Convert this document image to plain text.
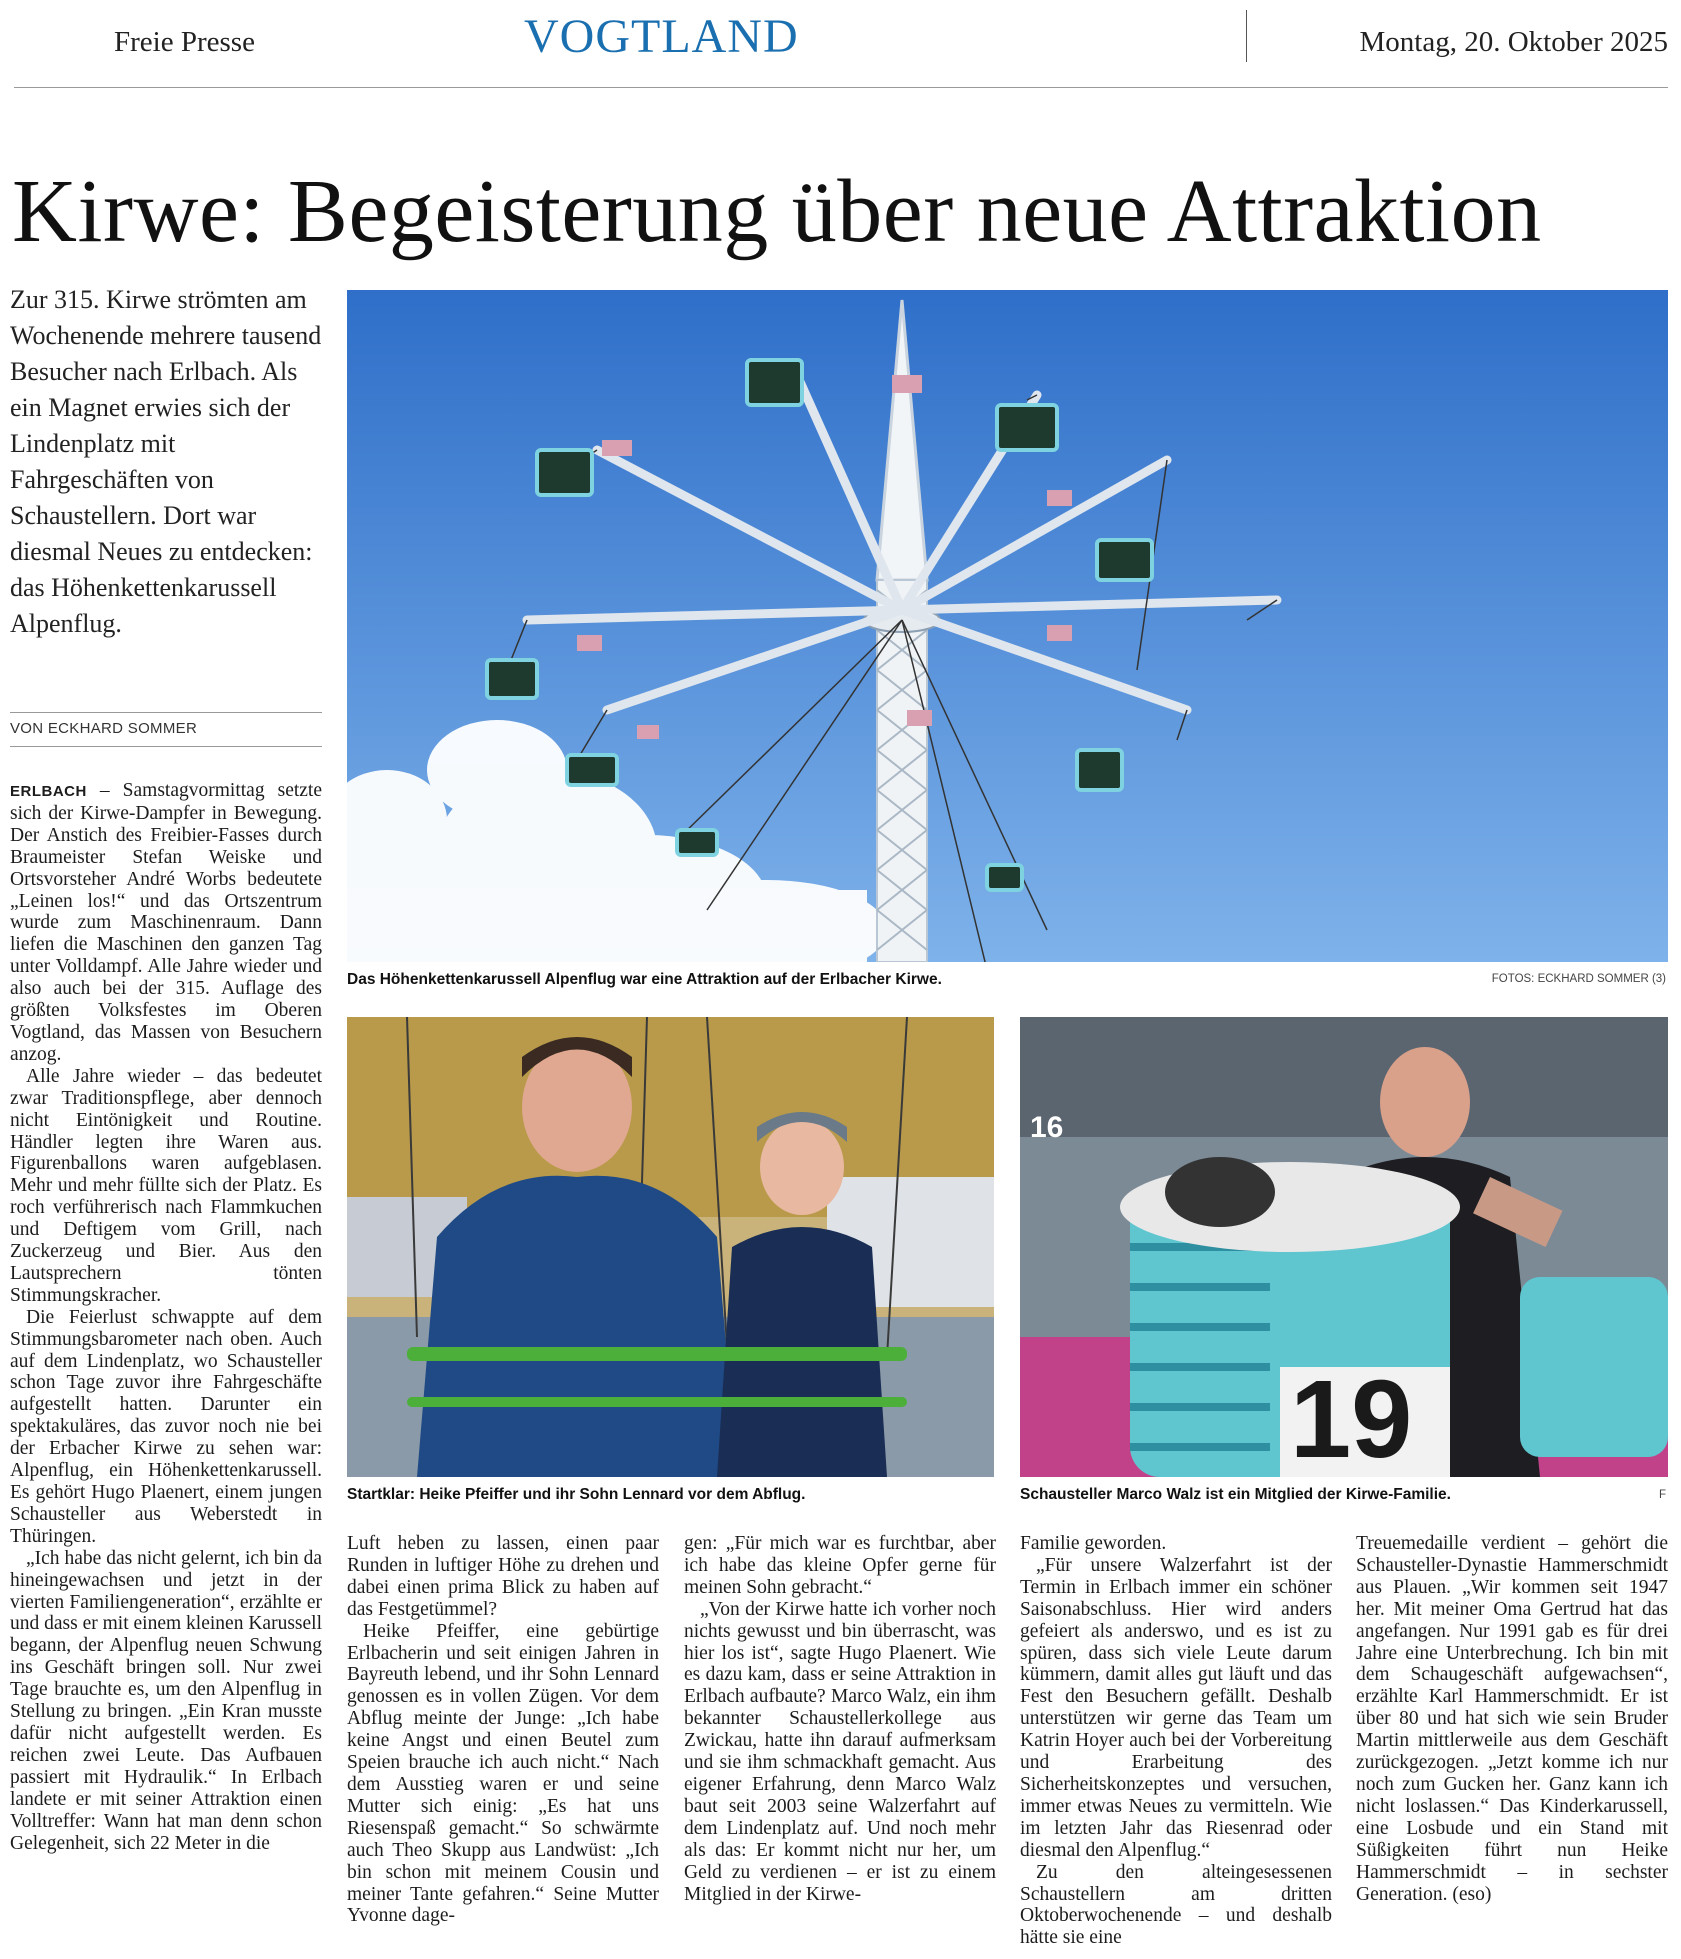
Freie Presse	VOGTLAND	Montag, 20. Oktober 2025
Kirwe: Begeisterung über neue Attraktion
Zur 315. Kirwe strömten am Wochenende mehrere tausend Besucher nach Erlbach. Als ein Magnet erwies sich der Lindenplatz mit Fahrgeschäften von Schaustellern. Dort war diesmal Neues zu entdecken: das Höhenkettenkarussell Alpenflug.
VON ECKHARD SOMMER
Das Höhenkettenkarussell Alpenflug war eine Attraktion auf der Erlbacher Kirwe.	FOTOS: ECKHARD SOMMER (3)
Startklar: Heike Pfeiffer und ihr Sohn Lennard vor dem Abflug.
19
16
Schausteller Marco Walz ist ein Mitglied der Kirwe-Familie.	F

ERLBACH – Samstagvormittag setzte sich der Kirwe-Dampfer in Bewegung. Der Anstich des Freibier-Fasses durch Braumeister Stefan Weiske und Ortsvorsteher André Worbs bedeutete „Leinen los!“ und das Ortszentrum wurde zum Maschinenraum. Dann liefen die Maschinen den ganzen Tag unter Volldampf. Alle Jahre wieder und also auch bei der 315. Auflage des größten Volksfestes im Oberen Vogtland, das Massen von Besuchern anzog.

Alle Jahre wieder – das bedeutet zwar Traditionspflege, aber dennoch nicht Eintönigkeit und Routine. Händler legten ihre Waren aus. Figurenballons waren aufgeblasen. Mehr und mehr füllte sich der Platz. Es roch verführerisch nach Flammkuchen und Deftigem vom Grill, nach Zuckerzeug und Bier. Aus den Lautsprechern tönten Stimmungskracher.

Die Feierlust schwappte auf dem Stimmungsbarometer nach oben. Auch auf dem Lindenplatz, wo Schausteller schon Tage zuvor ihre Fahrgeschäfte aufgestellt hatten. Darunter ein spektakuläres, das zuvor noch nie bei der Erbacher Kirwe zu sehen war: Alpenflug, ein Höhenkettenkarussell. Es gehört Hugo Plaenert, einem jungen Schausteller aus Weberstedt in Thüringen.

„Ich habe das nicht gelernt, ich bin da hineingewachsen und jetzt in der vierten Familiengeneration“, erzählte er und dass er mit einem kleinen Karussell begann, der Alpenflug neuen Schwung ins Geschäft bringen soll. Nur zwei Tage brauchte es, um den Alpenflug in Stellung zu bringen. „Ein Kran musste dafür nicht aufgestellt werden. Es reichen zwei Leute. Das Aufbauen passiert mit Hydraulik.“ In Erlbach landete er mit seiner Attraktion einen Volltreffer: Wann hat man denn schon Gelegenheit, sich 22 Meter in die

Luft heben zu lassen, einen paar Runden in luftiger Höhe zu drehen und dabei einen prima Blick zu haben auf das Festgetümmel?

Heike Pfeiffer, eine gebürtige Erlbacherin und seit einigen Jahren in Bayreuth lebend, und ihr Sohn Lennard genossen es in vollen Zügen. Vor dem Abflug meinte der Junge: „Ich habe keine Angst und einen Beutel zum Speien brauche ich auch nicht.“ Nach dem Ausstieg waren er und seine Mutter sich einig: „Es hat uns Riesenspaß gemacht.“ So schwärmte auch Theo Skupp aus Landwüst: „Ich bin schon mit meinem Cousin und meiner Tante gefahren.“ Seine Mutter Yvonne dage-

gen: „Für mich war es furchtbar, aber ich habe das kleine Opfer gerne für meinen Sohn gebracht.“

„Von der Kirwe hatte ich vorher noch nichts gewusst und bin überrascht, was hier los ist“, sagte Hugo Plaenert. Wie es dazu kam, dass er seine Attraktion in Erlbach aufbaute? Marco Walz, ein ihm bekannter Schaustellerkollege aus Zwickau, hatte ihn darauf aufmerksam und sie ihm schmackhaft gemacht. Aus eigener Erfahrung, denn Marco Walz baut seit 2003 seine Walzerfahrt auf dem Lindenplatz auf. Und noch mehr als das: Er kommt nicht nur her, um Geld zu verdienen – er ist zu einem Mitglied in der Kirwe-

Familie geworden.

„Für unsere Walzerfahrt ist der Termin in Erlbach immer ein schöner Saisonabschluss. Hier wird anders gefeiert als anderswo, und es ist zu spüren, dass sich viele Leute darum kümmern, damit alles gut läuft und das Fest den Besuchern gefällt. Deshalb unterstützen wir gerne das Team um Katrin Hoyer auch bei der Vorbereitung und Erarbeitung des Sicherheitskonzeptes und versuchen, immer etwas Neues zu vermitteln. Wie im letzten Jahr das Riesenrad oder diesmal den Alpenflug.“

Zu den alteingesessenen Schaustellern am dritten Oktoberwochenende – und deshalb hätte sie eine

Treuemedaille verdient – gehört die Schausteller-Dynastie Hammerschmidt aus Plauen. „Wir kommen seit 1947 her. Mit meiner Oma Gertrud hat das angefangen. Nur 1991 gab es für drei Jahre eine Unterbrechung. Ich bin mit dem Schaugeschäft aufgewachsen“, erzählte Karl Hammerschmidt. Er ist über 80 und hat sich wie sein Bruder Martin mittlerweile aus dem Geschäft zurückgezogen. „Jetzt komme ich nur noch zum Gucken her. Ganz kann ich nicht loslassen.“ Das Kinderkarussell, eine Losbude und ein Stand mit Süßigkeiten führt nun Heike Hammerschmidt – in sechster Generation. (eso)
